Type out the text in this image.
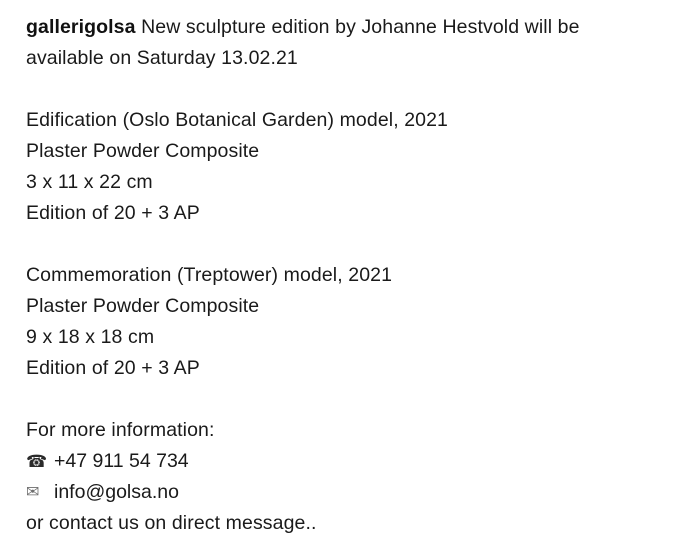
gallerigolsa New sculpture edition by Johanne Hestvold will be available on Saturday 13.02.21

Edification (Oslo Botanical Garden) model, 2021

Plaster Powder Composite

3 x 11 x 22 cm

Edition of 20 + 3 AP

Commemoration (Treptower) model, 2021

Plaster Powder Composite

9 x 18 x 18 cm

Edition of 20 + 3 AP

For more information:

☎ +47 911 54 734
✉ info@golsa.no

or contact us on direct message..
